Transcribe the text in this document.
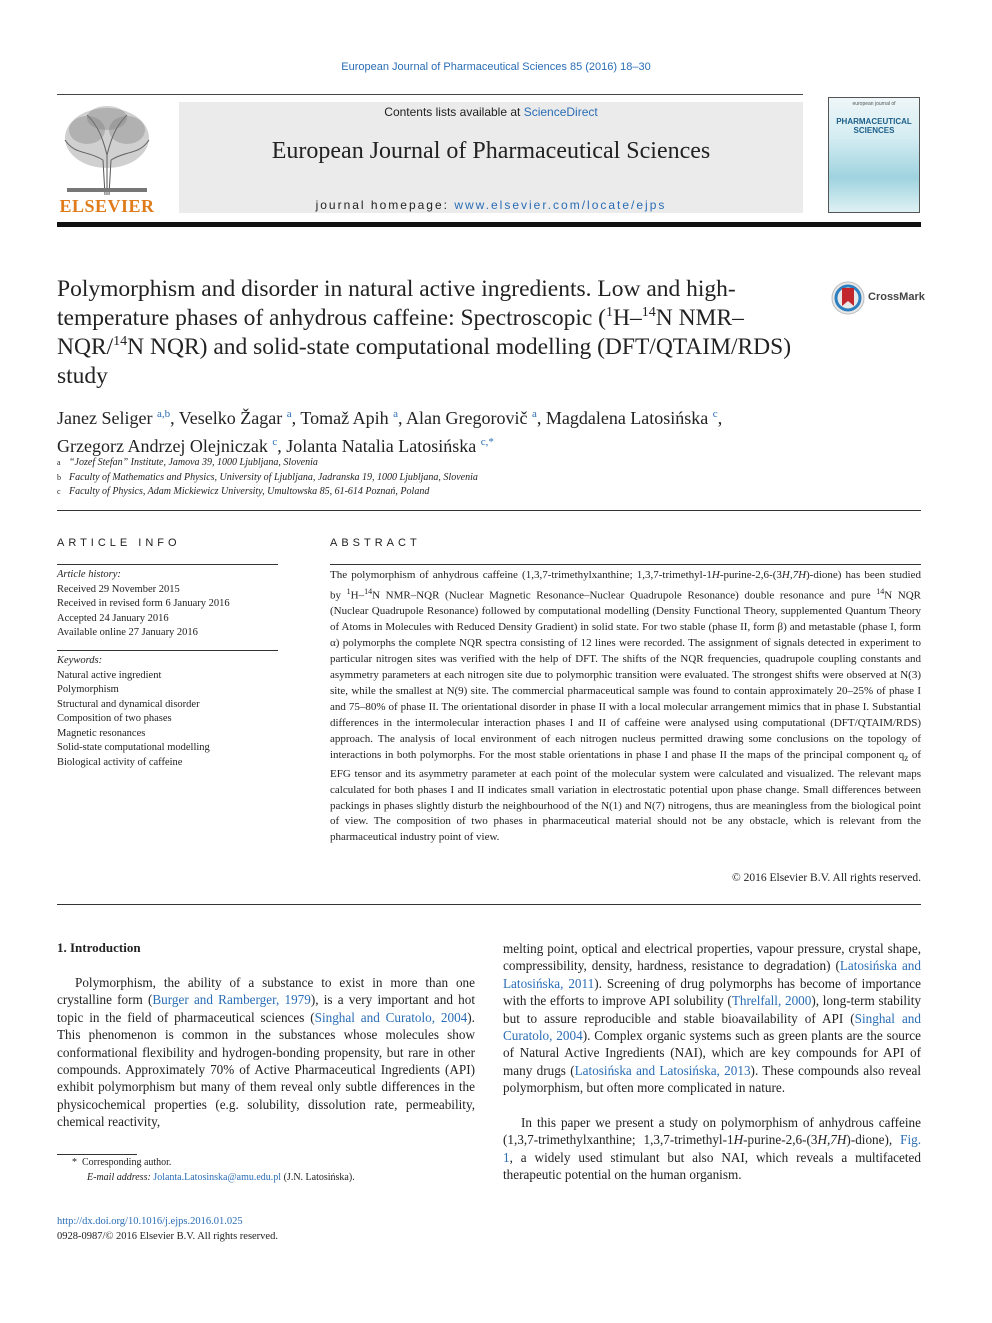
European Journal of Pharmaceutical Sciences 85 (2016) 18–30
ELSEVIER
Contents lists available at ScienceDirect
European Journal of Pharmaceutical Sciences
journal homepage: www.elsevier.com/locate/ejps
european journal of
PHARMACEUTICAL SCIENCES
Polymorphism and disorder in natural active ingredients. Low and high-temperature phases of anhydrous caffeine: Spectroscopic ($^1$H–$^{14}$N NMR–NQR/$^{14}$N NQR) and solid-state computational modelling (DFT/QTAIM/RDS) study
CrossMark
Janez Seliger $^{a,b}$, Veselko Žagar $^a$, Tomaž Apih $^a$, Alan Gregorovič $^a$, Magdalena Latosińska $^c$,
Grzegorz Andrzej Olejniczak $^c$, Jolanta Natalia Latosińska $^{c,*}$
a “Jozef Stefan” Institute, Jamova 39, 1000 Ljubljana, Slovenia
b Faculty of Mathematics and Physics, University of Ljubljana, Jadranska 19, 1000 Ljubljana, Slovenia
c Faculty of Physics, Adam Mickiewicz University, Umultowska 85, 61-614 Poznań, Poland
ARTICLE INFO
Article history:
Received 29 November 2015
Received in revised form 6 January 2016
Accepted 24 January 2016
Available online 27 January 2016
Keywords:
Natural active ingredient
Polymorphism
Structural and dynamical disorder
Composition of two phases
Magnetic resonances
Solid-state computational modelling
Biological activity of caffeine
ABSTRACT
The polymorphism of anhydrous caffeine (1,3,7-trimethylxanthine; 1,3,7-trimethyl-1H-purine-2,6-(3H,7H)-dione) has been studied by $^1$H–$^{14}$N NMR–NQR (Nuclear Magnetic Resonance–Nuclear Quadrupole Resonance) double resonance and pure $^{14}$N NQR (Nuclear Quadrupole Resonance) followed by computational modelling (Density Functional Theory, supplemented Quantum Theory of Atoms in Molecules with Reduced Density Gradient) in solid state. For two stable (phase II, form β) and metastable (phase I, form α) polymorphs the complete NQR spectra consisting of 12 lines were recorded. The assignment of signals detected in experiment to particular nitrogen sites was verified with the help of DFT. The shifts of the NQR frequencies, quadrupole coupling constants and asymmetry parameters at each nitrogen site due to polymorphic transition were evaluated. The strongest shifts were observed at N(3) site, while the smallest at N(9) site. The commercial pharmaceutical sample was found to contain approximately 20–25% of phase I and 75–80% of phase II. The orientational disorder in phase II with a local molecular arrangement mimics that in phase I. Substantial differences in the intermolecular interaction phases I and II of caffeine were analysed using computational (DFT/QTAIM/RDS) approach. The analysis of local environment of each nitrogen nucleus permitted drawing some conclusions on the topology of interactions in both polymorphs. For the most stable orientations in phase I and phase II the maps of the principal component $q_z$ of EFG tensor and its asymmetry parameter at each point of the molecular system were calculated and visualized. The relevant maps calculated for both phases I and II indicates small variation in electrostatic potential upon phase change. Small differences between packings in phases slightly disturb the neighbourhood of the N(1) and N(7) nitrogens, thus are meaningless from the biological point of view. The composition of two phases in pharmaceutical material should not be any obstacle, which is relevant from the pharmaceutical industry point of view.
© 2016 Elsevier B.V. All rights reserved.
1. Introduction
Polymorphism, the ability of a substance to exist in more than one crystalline form (Burger and Ramberger, 1979), is a very important and hot topic in the field of pharmaceutical sciences (Singhal and Curatolo, 2004). This phenomenon is common in the substances whose molecules show conformational flexibility and hydrogen-bonding propensity, but rare in other compounds. Approximately 70% of Active Pharmaceutical Ingredients (API) exhibit polymorphism but many of them reveal only subtle differences in the physicochemical properties (e.g. solubility, dissolution rate, permeability, chemical reactivity,
melting point, optical and electrical properties, vapour pressure, crystal shape, compressibility, density, hardness, resistance to degradation) (Latosińska and Latosińska, 2011). Screening of drug polymorphs has become of importance with the efforts to improve API solubility (Threlfall, 2000), long-term stability but to assure reproducible and stable bioavailability of API (Singhal and Curatolo, 2004). Complex organic systems such as green plants are the source of Natural Active Ingredients (NAI), which are key compounds for API of many drugs (Latosińska and Latosińska, 2013). These compounds also reveal polymorphism, but often more complicated in nature.
In this paper we present a study on polymorphism of anhydrous caffeine (1,3,7-trimethylxanthine; 1,3,7-trimethyl-1H-purine-2,6-(3H,7H)-dione), Fig. 1, a widely used stimulant but also NAI, which reveals a multifaceted therapeutic potential on the human organism.
* Corresponding author.
E-mail address: Jolanta.Latosinska@amu.edu.pl (J.N. Latosińska).
http://dx.doi.org/10.1016/j.ejps.2016.01.025
0928-0987/© 2016 Elsevier B.V. All rights reserved.
